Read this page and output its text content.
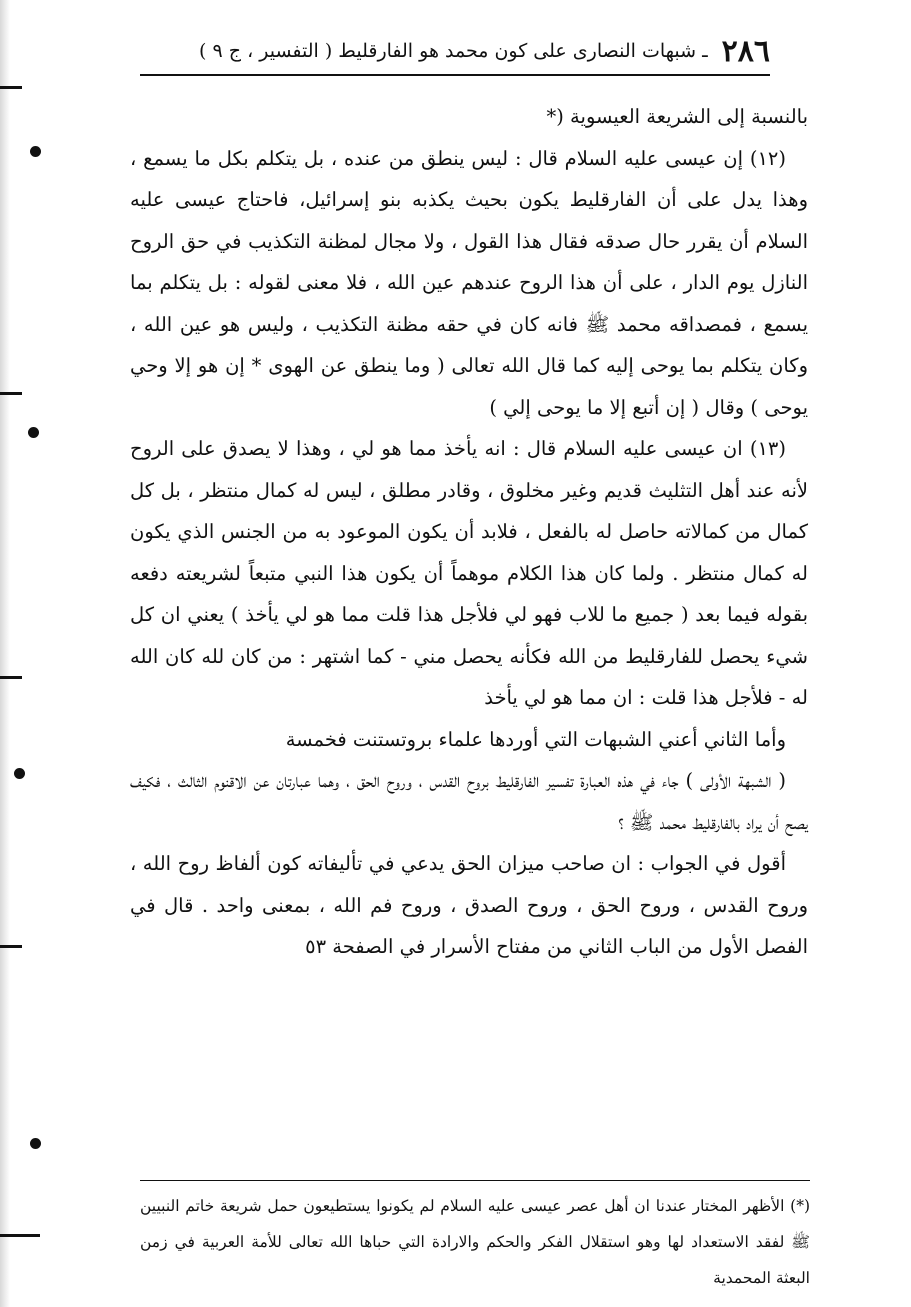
٢٨٦
ـ شبهات النصارى على كون محمد هو الفارقليط ( التفسير ، ج ٩ )

بالنسبة إلى الشريعة العيسوية (*

(١٢) إن عيسى عليه السلام قال : ليس ينطق من عنده ، بل يتكلم بكل ما يسمع ، وهذا يدل على أن الفارقليط يكون بحيث يكذبه بنو إسرائيل، فاحتاج عيسى عليه السلام أن يقرر حال صدقه فقال هذا القول ، ولا مجال لمظنة التكذيب في حق الروح النازل يوم الدار ، على أن هذا الروح عندهم عين الله ، فلا معنى لقوله : بل يتكلم بما يسمع ، فمصداقه محمد ﷺ فانه كان في حقه مظنة التكذيب ، وليس هو عين الله ، وكان يتكلم بما يوحى إليه كما قال الله تعالى ( وما ينطق عن الهوى * إن هو إلا وحي يوحى ) وقال ( إن أتبع إلا ما يوحى إلي )

(١٣) ان عيسى عليه السلام قال : انه يأخذ مما هو لي ، وهذا لا يصدق على الروح لأنه عند أهل التثليث قديم وغير مخلوق ، وقادر مطلق ، ليس له كمال منتظر ، بل كل كمال من كمالاته حاصل له بالفعل ، فلابد أن يكون الموعود به من الجنس الذي يكون له كمال منتظر . ولما كان هذا الكلام موهماً أن يكون هذا النبي متبعاً لشريعته دفعه بقوله فيما بعد ( جميع ما للاب فهو لي فلأجل هذا قلت مما هو لي يأخذ ) يعني ان كل شيء يحصل للفارقليط من الله فكأنه يحصل مني - كما اشتهر : من كان لله كان الله له - فلأجل هذا قلت : ان مما هو لي يأخذ

وأما الثاني أعني الشبهات التي أوردها علماء بروتستنت فخمسة

( الشبهة الأولى ) جاء في هذه العبارة تفسير الفارقليط بروح القدس ، وروح الحق ، وهما عبارتان عن الاقنوم الثالث ، فكيف يصح أن يراد بالفارقليط محمد ﷺ ؟

أقول في الجواب : ان صاحب ميزان الحق يدعي في تأليفاته كون ألفاظ روح الله ، وروح القدس ، وروح الحق ، وروح الصدق ، وروح فم الله ، بمعنى واحد . قال في الفصل الأول من الباب الثاني من مفتاح الأسرار في الصفحة ٥٣

(*) الأظهر المختار عندنا ان أهل عصر عيسى عليه السلام لم يكونوا يستطيعون حمل شريعة خاتم النبيين ﷺ لفقد الاستعداد لها وهو استقلال الفكر والحكم والارادة التي حباها الله تعالى للأمة العربية في زمن البعثة المحمدية
